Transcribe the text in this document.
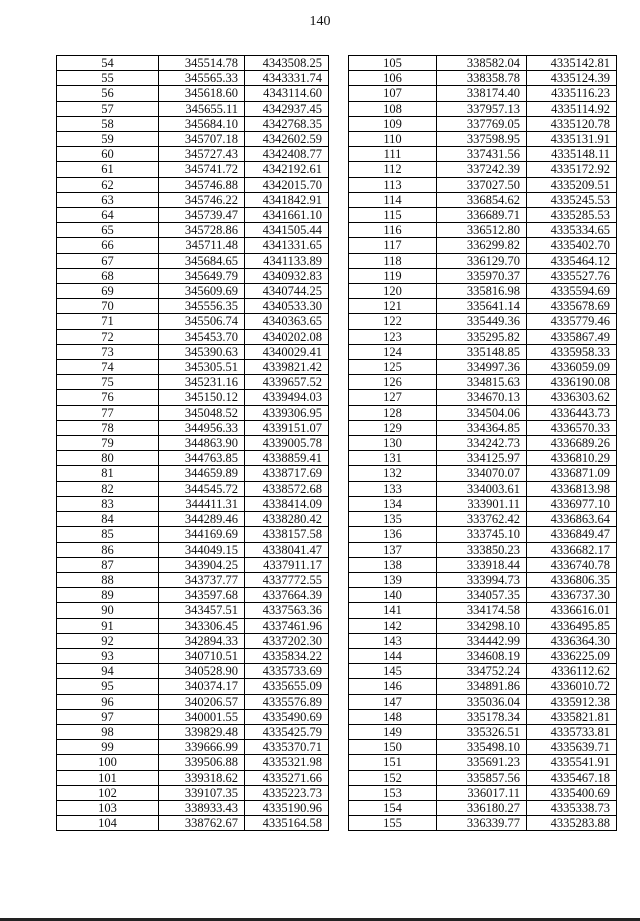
140
54	345514.78	4343508.25
55	345565.33	4343331.74
56	345618.60	4343114.60
57	345655.11	4342937.45
58	345684.10	4342768.35
59	345707.18	4342602.59
60	345727.43	4342408.77
61	345741.72	4342192.61
62	345746.88	4342015.70
63	345746.22	4341842.91
64	345739.47	4341661.10
65	345728.86	4341505.44
66	345711.48	4341331.65
67	345684.65	4341133.89
68	345649.79	4340932.83
69	345609.69	4340744.25
70	345556.35	4340533.30
71	345506.74	4340363.65
72	345453.70	4340202.08
73	345390.63	4340029.41
74	345305.51	4339821.42
75	345231.16	4339657.52
76	345150.12	4339494.03
77	345048.52	4339306.95
78	344956.33	4339151.07
79	344863.90	4339005.78
80	344763.85	4338859.41
81	344659.89	4338717.69
82	344545.72	4338572.68
83	344411.31	4338414.09
84	344289.46	4338280.42
85	344169.69	4338157.58
86	344049.15	4338041.47
87	343904.25	4337911.17
88	343737.77	4337772.55
89	343597.68	4337664.39
90	343457.51	4337563.36
91	343306.45	4337461.96
92	342894.33	4337202.30
93	340710.51	4335834.22
94	340528.90	4335733.69
95	340374.17	4335655.09
96	340206.57	4335576.89
97	340001.55	4335490.69
98	339829.48	4335425.79
99	339666.99	4335370.71
100	339506.88	4335321.98
101	339318.62	4335271.66
102	339107.35	4335223.73
103	338933.43	4335190.96
104	338762.67	4335164.58
105	338582.04	4335142.81
106	338358.78	4335124.39
107	338174.40	4335116.23
108	337957.13	4335114.92
109	337769.05	4335120.78
110	337598.95	4335131.91
111	337431.56	4335148.11
112	337242.39	4335172.92
113	337027.50	4335209.51
114	336854.62	4335245.53
115	336689.71	4335285.53
116	336512.80	4335334.65
117	336299.82	4335402.70
118	336129.70	4335464.12
119	335970.37	4335527.76
120	335816.98	4335594.69
121	335641.14	4335678.69
122	335449.36	4335779.46
123	335295.82	4335867.49
124	335148.85	4335958.33
125	334997.36	4336059.09
126	334815.63	4336190.08
127	334670.13	4336303.62
128	334504.06	4336443.73
129	334364.85	4336570.33
130	334242.73	4336689.26
131	334125.97	4336810.29
132	334070.07	4336871.09
133	334003.61	4336813.98
134	333901.11	4336977.10
135	333762.42	4336863.64
136	333745.10	4336849.47
137	333850.23	4336682.17
138	333918.44	4336740.78
139	333994.73	4336806.35
140	334057.35	4336737.30
141	334174.58	4336616.01
142	334298.10	4336495.85
143	334442.99	4336364.30
144	334608.19	4336225.09
145	334752.24	4336112.62
146	334891.86	4336010.72
147	335036.04	4335912.38
148	335178.34	4335821.81
149	335326.51	4335733.81
150	335498.10	4335639.71
151	335691.23	4335541.91
152	335857.56	4335467.18
153	336017.11	4335400.69
154	336180.27	4335338.73
155	336339.77	4335283.88
